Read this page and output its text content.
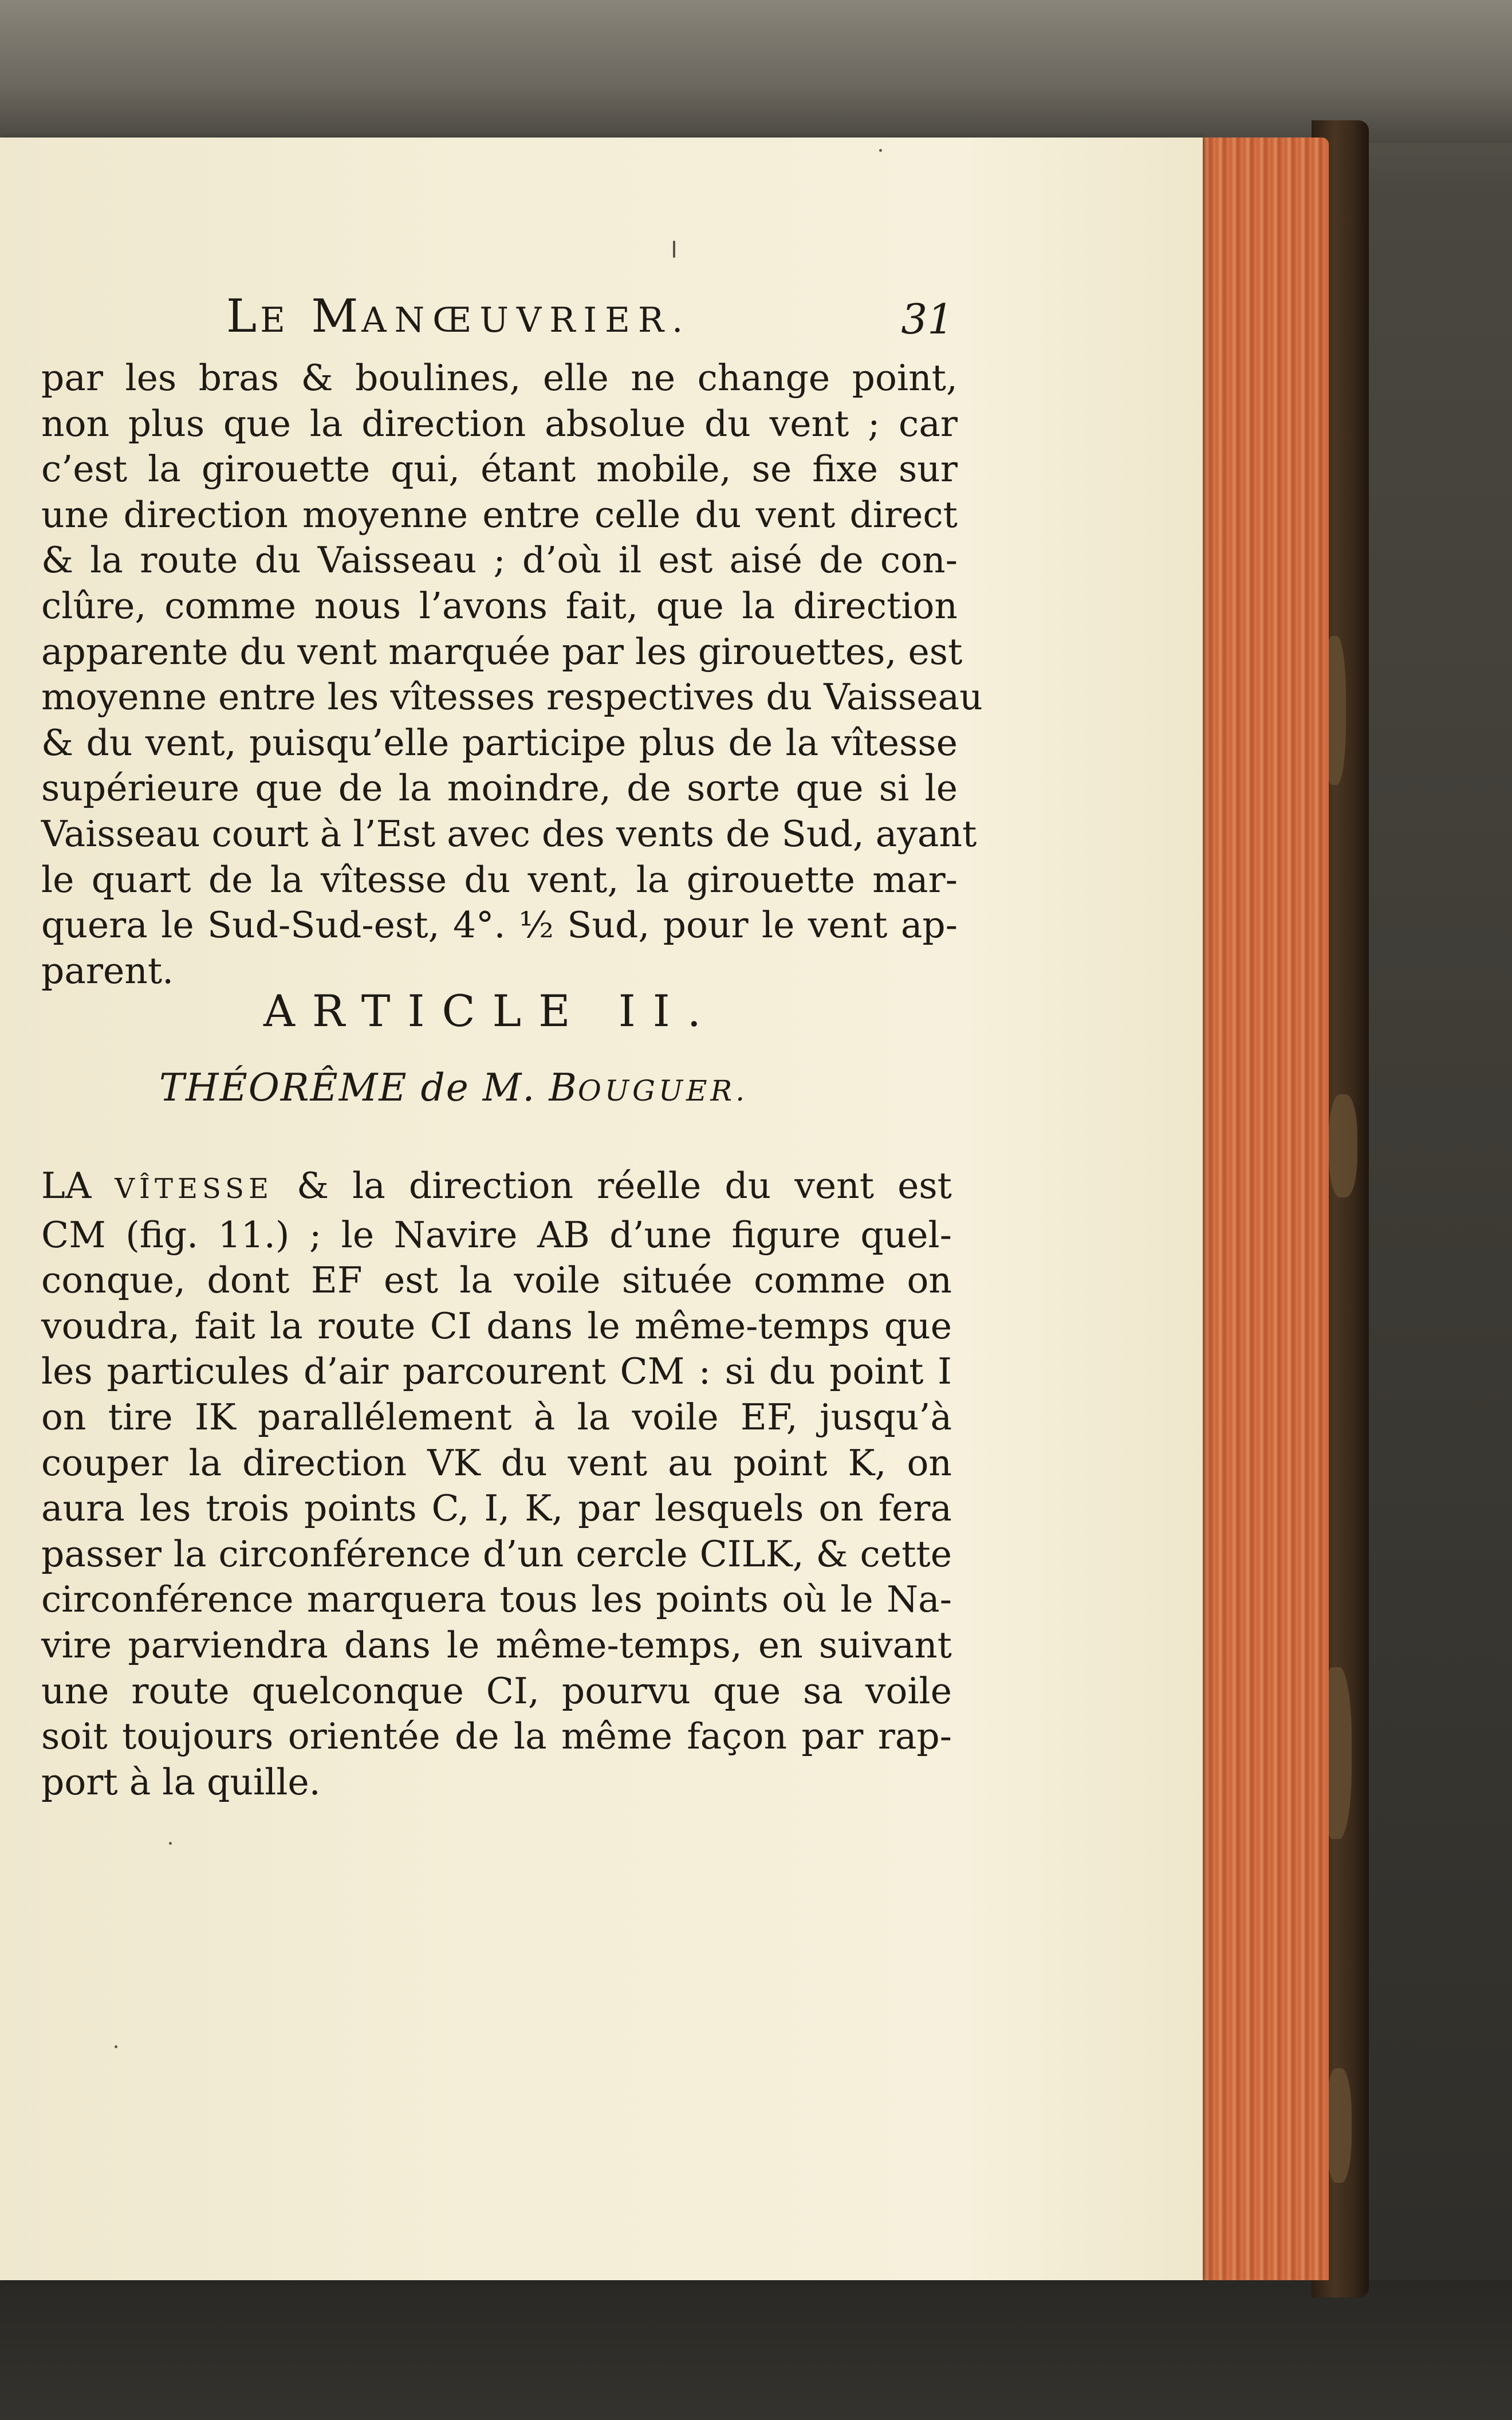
LE MANŒUVRIER.	31
par les bras & boulines, elle ne change point,
non plus que la direction absolue du vent ; car
c’est la girouette qui, étant mobile, se fixe sur
une direction moyenne entre celle du vent direct
& la route du Vaisseau ; d’où il est aisé de con-
clûre, comme nous l’avons fait, que la direction
apparente du vent marquée par les girouettes, est
moyenne entre les vîtesses respectives du Vaisseau
& du vent, puisqu’elle participe plus de la vîtesse
supérieure que de la moindre, de sorte que si le
Vaisseau court à l’Est avec des vents de Sud, ayant
le quart de la vîtesse du vent, la girouette mar-
quera le Sud-Sud-est, 4°. ½ Sud, pour le vent ap-
parent.
ARTICLE II.
THÉORÊME de M. BOUGUER.
LA VÎTESSE & la direction réelle du vent est
CM (fig. 11.) ; le Navire AB d’une figure quel-
conque, dont EF est la voile située comme on
voudra, fait la route CI dans le même-temps que
les particules d’air parcourent CM : si du point I
on tire IK parallélement à la voile EF, jusqu’à
couper la direction VK du vent au point K, on
aura les trois points C, I, K, par lesquels on fera
passer la circonférence d’un cercle CILK, & cette
circonférence marquera tous les points où le Na-
vire parviendra dans le même-temps, en suivant
une route quelconque CI, pourvu que sa voile
soit toujours orientée de la même façon par rap-
port à la quille.
